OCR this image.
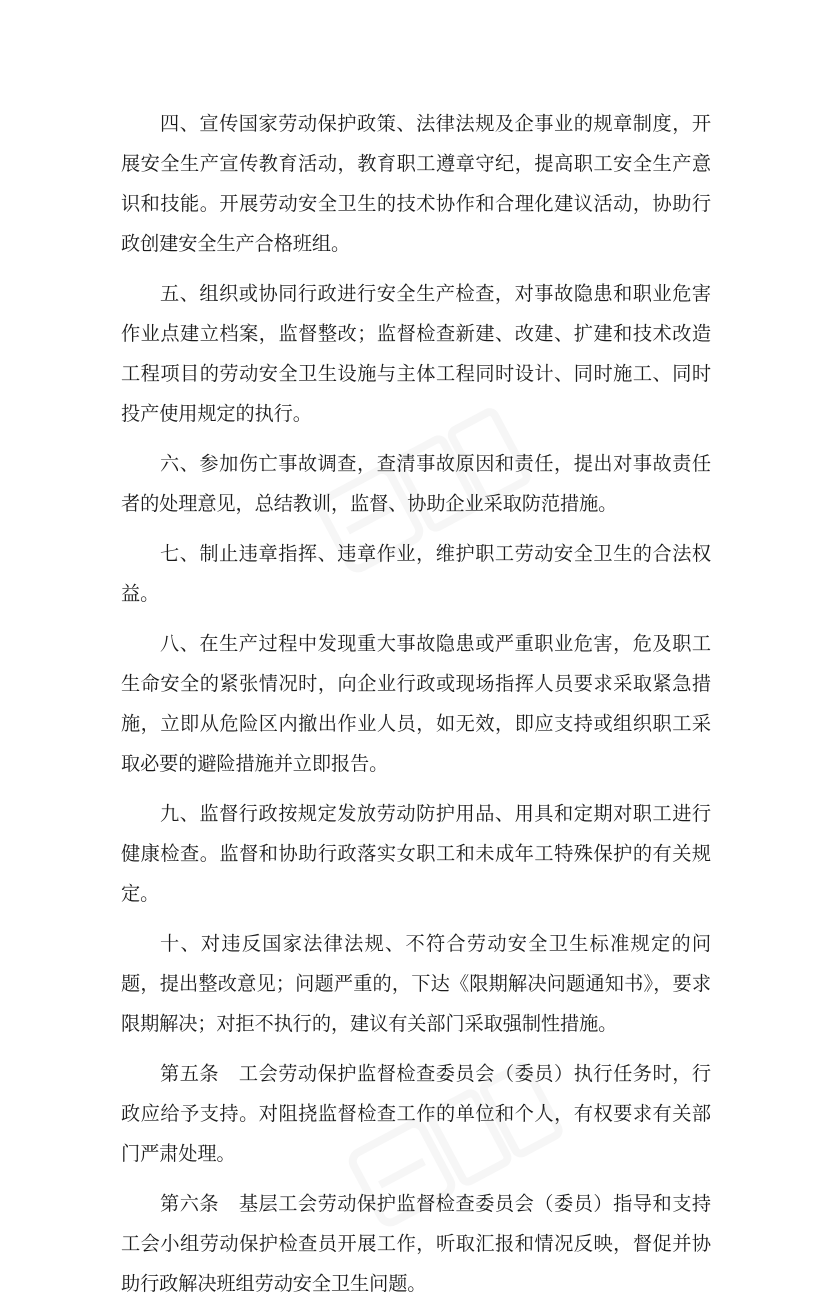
四、宣传国家劳动保护政策、法律法规及企事业的规章制度，开展安全生产宣传教育活动，教育职工遵章守纪，提高职工安全生产意识和技能。开展劳动安全卫生的技术协作和合理化建议活动，协助行政创建安全生产合格班组。

五、组织或协同行政进行安全生产检查，对事故隐患和职业危害作业点建立档案，监督整改；监督检查新建、改建、扩建和技术改造工程项目的劳动安全卫生设施与主体工程同时设计、同时施工、同时投产使用规定的执行。

六、参加伤亡事故调查，查清事故原因和责任，提出对事故责任者的处理意见，总结教训，监督、协助企业采取防范措施。

七、制止违章指挥、违章作业，维护职工劳动安全卫生的合法权益。

八、在生产过程中发现重大事故隐患或严重职业危害，危及职工生命安全的紧张情况时，向企业行政或现场指挥人员要求采取紧急措施，立即从危险区内撤出作业人员，如无效，即应支持或组织职工采取必要的避险措施并立即报告。

九、监督行政按规定发放劳动防护用品、用具和定期对职工进行健康检查。监督和协助行政落实女职工和未成年工特殊保护的有关规定。

十、对违反国家法律法规、不符合劳动安全卫生标准规定的问题，提出整改意见；问题严重的，下达《限期解决问题通知书》，要求限期解决；对拒不执行的，建议有关部门采取强制性措施。

第五条　 工会劳动保护监督检查委员会（委员）执行任务时，行政应给予支持。对阻挠监督检查工作的单位和个人，有权要求有关部门严肃处理。

第六条　 基层工会劳动保护监督检查委员会（委员）指导和支持工会小组劳动保护检查员开展工作，听取汇报和情况反映，督促并协助行政解决班组劳动安全卫生问题。
